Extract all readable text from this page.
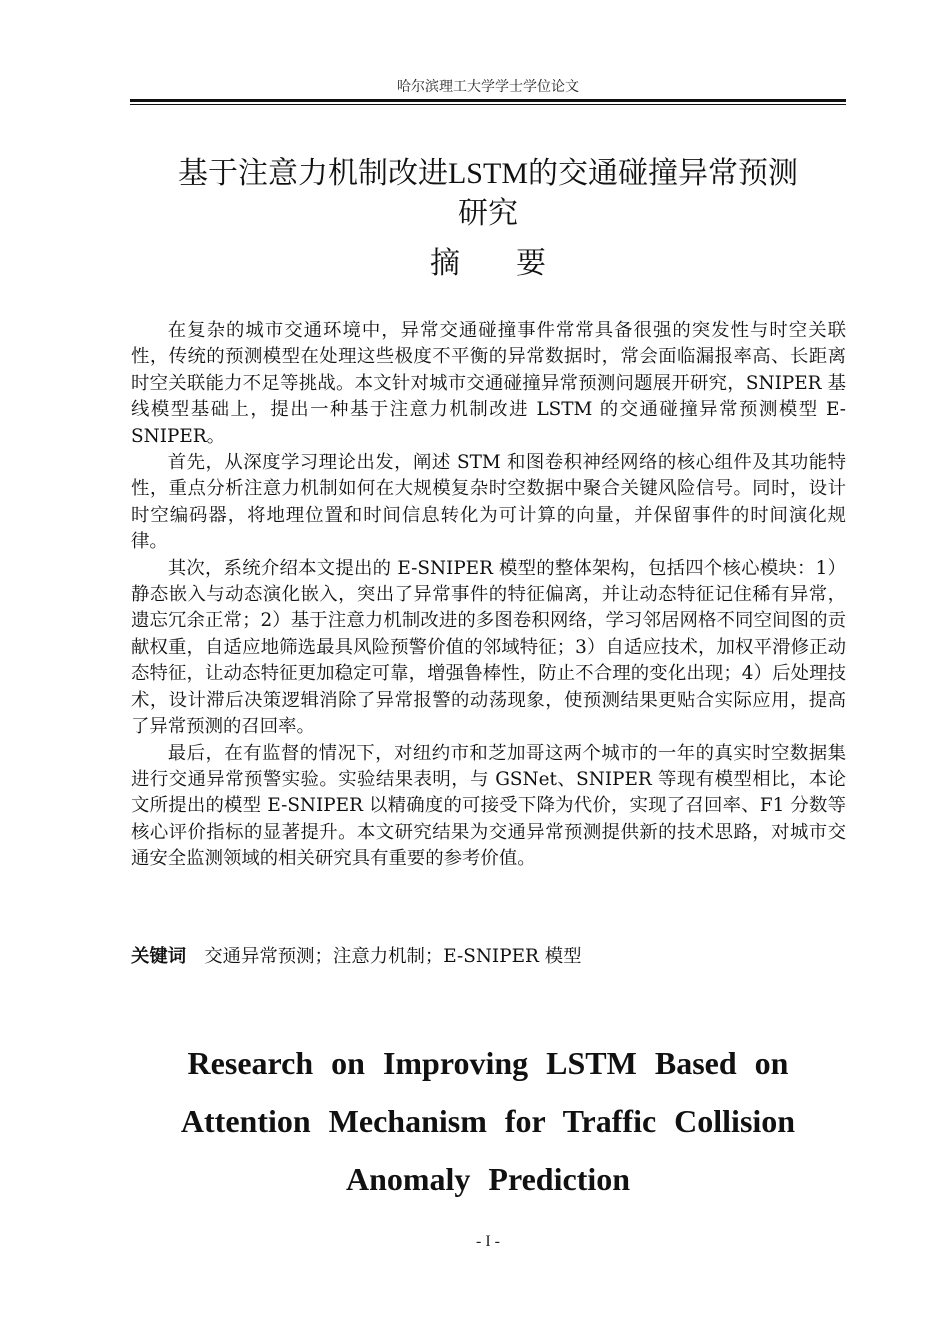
哈尔滨理工大学学士学位论文
基于注意力机制改进LSTM的交通碰撞异常预测
研究
摘 要

在复杂的城市交通环境中，异常交通碰撞事件常常具备很强的突发性与时空关联性，传统的预测模型在处理这些极度不平衡的异常数据时，常会面临漏报率高、长距离时空关联能力不足等挑战。本文针对城市交通碰撞异常预测问题展开研究，SNIPER 基线模型基础上，提出一种基于注意力机制改进 LSTM 的交通碰撞异常预测模型 E-SNIPER。

首先，从深度学习理论出发，阐述 STM 和图卷积神经网络的核心组件及其功能特性，重点分析注意力机制如何在大规模复杂时空数据中聚合关键风险信号。同时，设计时空编码器，将地理位置和时间信息转化为可计算的向量，并保留事件的时间演化规律。

其次，系统介绍本文提出的 E-SNIPER 模型的整体架构，包括四个核心模块：1）静态嵌入与动态演化嵌入，突出了异常事件的特征偏离，并让动态特征记住稀有异常，遗忘冗余正常；2）基于注意力机制改进的多图卷积网络，学习邻居网格不同空间图的贡献权重，自适应地筛选最具风险预警价值的邻域特征；3）自适应技术，加权平滑修正动态特征，让动态特征更加稳定可靠，增强鲁棒性，防止不合理的变化出现；4）后处理技术，设计滞后决策逻辑消除了异常报警的动荡现象，使预测结果更贴合实际应用，提高了异常预测的召回率。

最后，在有监督的情况下，对纽约市和芝加哥这两个城市的一年的真实时空数据集进行交通异常预警实验。实验结果表明，与 GSNet、SNIPER 等现有模型相比，本论文所提出的模型 E-SNIPER 以精确度的可接受下降为代价，实现了召回率、F1 分数等核心评价指标的显著提升。本文研究结果为交通异常预测提供新的技术思路，对城市交通安全监测领域的相关研究具有重要的参考价值。

关键词 交通异常预测；注意力机制；E-SNIPER 模型
Research on Improving LSTM Based on
Attention Mechanism for Traffic Collision
Anomaly Prediction
- I -
